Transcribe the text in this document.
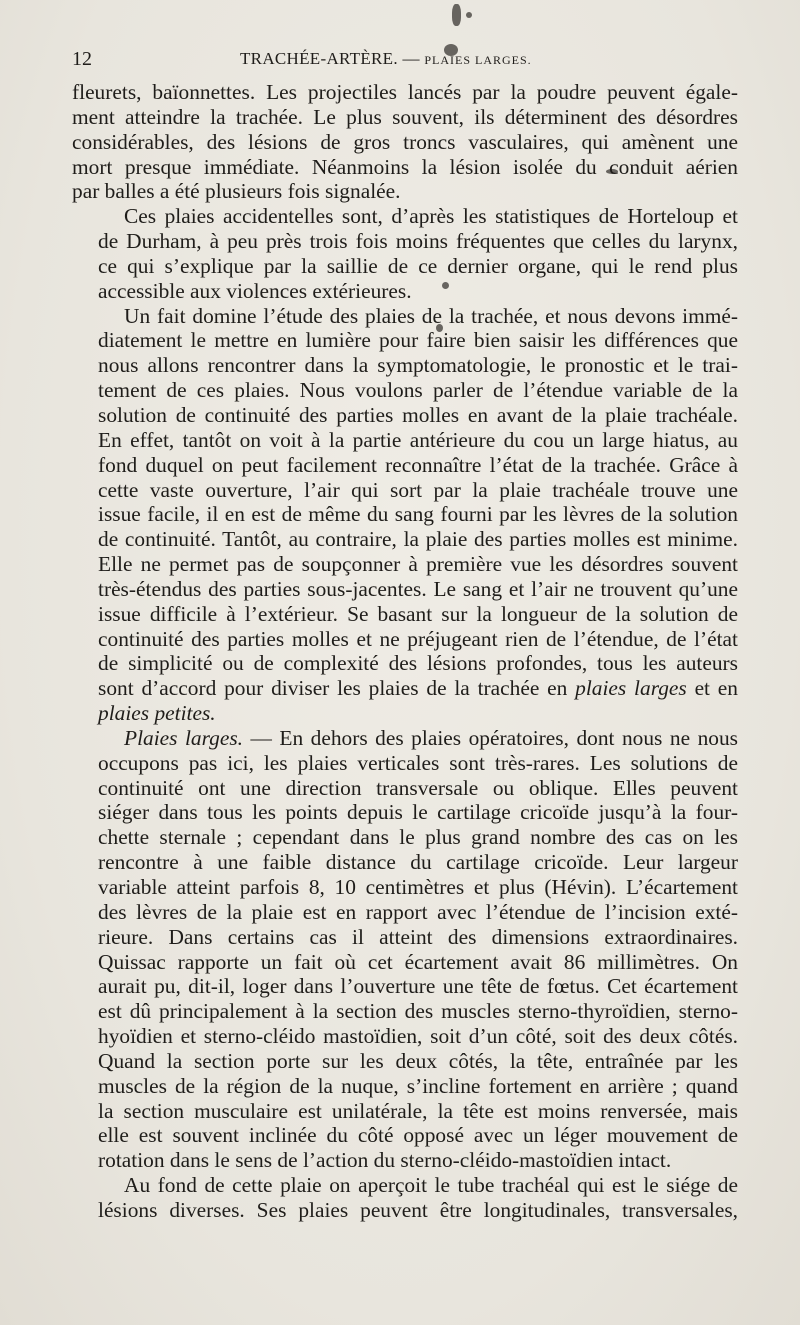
12	TRACHÉE-ARTÈRE. — PLAIES LARGES.
fleurets, baïonnettes. Les projectiles lancés par la poudre peuvent égale-
ment atteindre la trachée. Le plus souvent, ils déterminent des désordres
considérables, des lésions de gros troncs vasculaires, qui amènent une
mort presque immédiate. Néanmoins la lésion isolée du conduit aérien
par balles a été plusieurs fois signalée.
Ces plaies accidentelles sont, d’après les statistiques de Horteloup et
de Durham, à peu près trois fois moins fréquentes que celles du larynx,
ce qui s’explique par la saillie de ce dernier organe, qui le rend plus
accessible aux violences extérieures.
Un fait domine l’étude des plaies de la trachée, et nous devons immé-
diatement le mettre en lumière pour faire bien saisir les différences que
nous allons rencontrer dans la symptomatologie, le pronostic et le trai-
tement de ces plaies. Nous voulons parler de l’étendue variable de la
solution de continuité des parties molles en avant de la plaie trachéale.
En effet, tantôt on voit à la partie antérieure du cou un large hiatus, au
fond duquel on peut facilement reconnaître l’état de la trachée. Grâce à
cette vaste ouverture, l’air qui sort par la plaie trachéale trouve une
issue facile, il en est de même du sang fourni par les lèvres de la solution
de continuité. Tantôt, au contraire, la plaie des parties molles est minime.
Elle ne permet pas de soupçonner à première vue les désordres souvent
très-étendus des parties sous-jacentes. Le sang et l’air ne trouvent qu’une
issue difficile à l’extérieur. Se basant sur la longueur de la solution de
continuité des parties molles et ne préjugeant rien de l’étendue, de l’état
de simplicité ou de complexité des lésions profondes, tous les auteurs
sont d’accord pour diviser les plaies de la trachée en plaies larges et en
plaies petites.
Plaies larges. — En dehors des plaies opératoires, dont nous ne nous
occupons pas ici, les plaies verticales sont très-rares. Les solutions de
continuité ont une direction transversale ou oblique. Elles peuvent
siéger dans tous les points depuis le cartilage cricoïde jusqu’à la four-
chette sternale ; cependant dans le plus grand nombre des cas on les
rencontre à une faible distance du cartilage cricoïde. Leur largeur
variable atteint parfois 8, 10 centimètres et plus (Hévin). L’écartement
des lèvres de la plaie est en rapport avec l’étendue de l’incision exté-
rieure. Dans certains cas il atteint des dimensions extraordinaires.
Quissac rapporte un fait où cet écartement avait 86 millimètres. On
aurait pu, dit-il, loger dans l’ouverture une tête de fœtus. Cet écartement
est dû principalement à la section des muscles sterno-thyroïdien, sterno-
hyoïdien et sterno-cléido mastoïdien, soit d’un côté, soit des deux côtés.
Quand la section porte sur les deux côtés, la tête, entraînée par les
muscles de la région de la nuque, s’incline fortement en arrière ; quand
la section musculaire est unilatérale, la tête est moins renversée, mais
elle est souvent inclinée du côté opposé avec un léger mouvement de
rotation dans le sens de l’action du sterno-cléido-mastoïdien intact.
Au fond de cette plaie on aperçoit le tube trachéal qui est le siége de
lésions diverses. Ses plaies peuvent être longitudinales, transversales,
